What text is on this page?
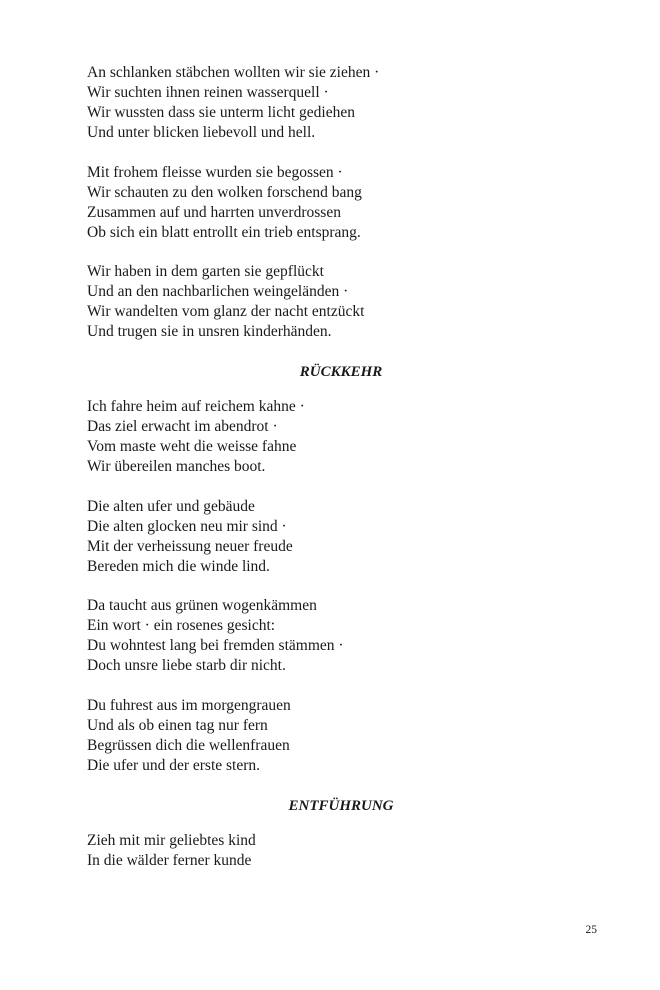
An schlanken stäbchen wollten wir sie ziehen ·
Wir suchten ihnen reinen wasserquell ·
Wir wussten dass sie unterm licht gediehen
Und unter blicken liebevoll und hell.
Mit frohem fleisse wurden sie begossen ·
Wir schauten zu den wolken forschend bang
Zusammen auf und harrten unverdrossen
Ob sich ein blatt entrollt ein trieb entsprang.
Wir haben in dem garten sie gepflückt
Und an den nachbarlichen weingeländen ·
Wir wandelten vom glanz der nacht entzückt
Und trugen sie in unsren kinderhänden.
RÜCKKEHR
Ich fahre heim auf reichem kahne ·
Das ziel erwacht im abendrot ·
Vom maste weht die weisse fahne
Wir übereilen manches boot.
Die alten ufer und gebäude
Die alten glocken neu mir sind ·
Mit der verheissung neuer freude
Bereden mich die winde lind.
Da taucht aus grünen wogenkämmen
Ein wort · ein rosenes gesicht:
Du wohntest lang bei fremden stämmen ·
Doch unsre liebe starb dir nicht.
Du fuhrest aus im morgengrauen
Und als ob einen tag nur fern
Begrüssen dich die wellenfrauen
Die ufer und der erste stern.
ENTFÜHRUNG
Zieh mit mir geliebtes kind
In die wälder ferner kunde
25
